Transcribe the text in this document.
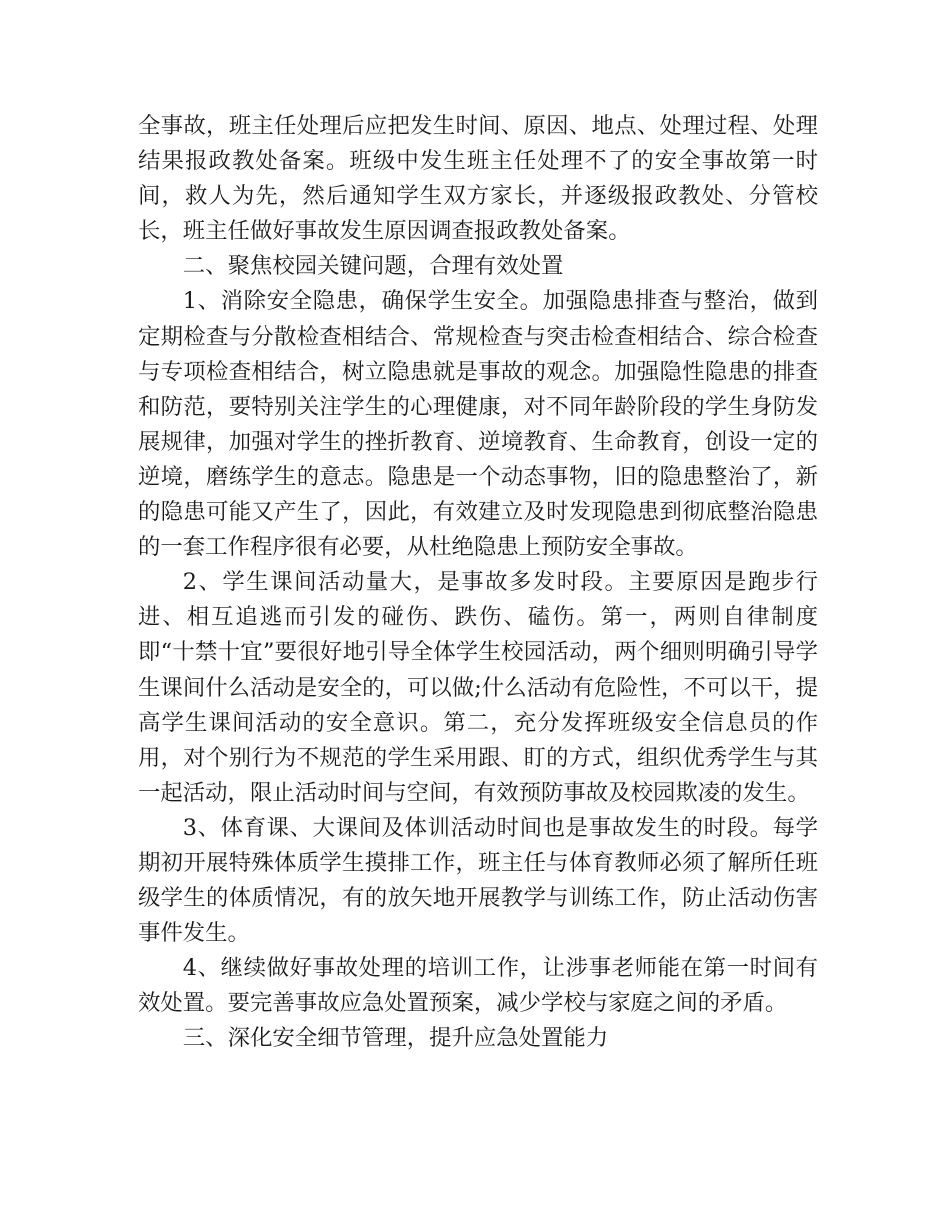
全事故，班主任处理后应把发生时间、原因、地点、处理过程、处理结果报政教处备案。班级中发生班主任处理不了的安全事故第一时间，救人为先，然后通知学生双方家长，并逐级报政教处、分管校长，班主任做好事故发生原因调查报政教处备案。

二、聚焦校园关键问题，合理有效处置

1、消除安全隐患，确保学生安全。加强隐患排查与整治，做到定期检查与分散检查相结合、常规检查与突击检查相结合、综合检查与专项检查相结合，树立隐患就是事故的观念。加强隐性隐患的排查和防范，要特别关注学生的心理健康，对不同年龄阶段的学生身防发展规律，加强对学生的挫折教育、逆境教育、生命教育，创设一定的逆境，磨练学生的意志。隐患是一个动态事物，旧的隐患整治了，新的隐患可能又产生了，因此，有效建立及时发现隐患到彻底整治隐患的一套工作程序很有必要，从杜绝隐患上预防安全事故。

2、学生课间活动量大，是事故多发时段。主要原因是跑步行进、相互追逃而引发的碰伤、跌伤、磕伤。第一，两则自律制度即“十禁十宜”要很好地引导全体学生校园活动，两个细则明确引导学生课间什么活动是安全的，可以做;什么活动有危险性，不可以干，提高学生课间活动的安全意识。第二，充分发挥班级安全信息员的作用，对个别行为不规范的学生采用跟、盯的方式，组织优秀学生与其一起活动，限止活动时间与空间，有效预防事故及校园欺凌的发生。

3、体育课、大课间及体训活动时间也是事故发生的时段。每学期初开展特殊体质学生摸排工作，班主任与体育教师必须了解所任班级学生的体质情况，有的放矢地开展教学与训练工作，防止活动伤害事件发生。

4、继续做好事故处理的培训工作，让涉事老师能在第一时间有效处置。要完善事故应急处置预案，减少学校与家庭之间的矛盾。

三、深化安全细节管理，提升应急处置能力
